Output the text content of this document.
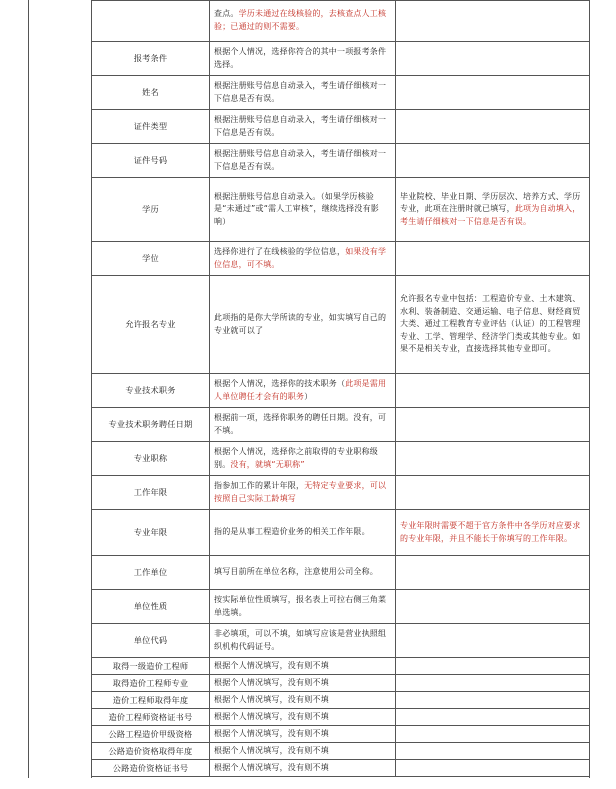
	查点。学历未通过在线核验的，去核查点人工核验；已通过的则不需要。	
报考条件	根据个人情况，选择你符合的其中一项报考条件选择。	
姓名	根据注册账号信息自动录入，考生请仔细核对一下信息是否有误。	
证件类型	根据注册账号信息自动录入，考生请仔细核对一下信息是否有误。	
证件号码	根据注册账号信息自动录入，考生请仔细核对一下信息是否有误。	
学历	根据注册账号信息自动录入。（如果学历核验是“未通过”或“需人工审核”，继续选择没有影响）	毕业院校、毕业日期、学历层次、培养方式、学历专业，此项在注册时就已填写，此项为自动填入，考生请仔细核对一下信息是否有误。
学位	选择你进行了在线核验的学位信息，如果没有学位信息，可不填。	
允许报名专业	此项指的是你大学所读的专业，如实填写自己的专业就可以了	允许报名专业中包括：工程造价专业、土木建筑、水利、装备制造、交通运输、电子信息、财经商贸大类、通过工程教育专业评估（认证）的工程管理专业、工学、管理学、经济学门类或其他专业。如果不是相关专业，直接选择其他专业即可。
专业技术职务	根据个人情况，选择你的技术职务（此项是需用人单位聘任才会有的职务）	
专业技术职务聘任日期	根据前一项，选择你职务的聘任日期。没有，可不填。	
专业职称	根据个人情况，选择你之前取得的专业职称级别。没有，就填“无职称”	
工作年限	指参加工作的累计年限，无特定专业要求，可以按照自己实际工龄填写	
专业年限	指的是从事工程造价业务的相关工作年限。	专业年限时需要不超于官方条件中各学历对应要求的专业年限，并且不能长于你填写的工作年限。
工作单位	填写目前所在单位名称，注意使用公司全称。	
单位性质	按实际单位性质填写，报名表上可拉右侧三角菜单选填。	
单位代码	非必填项，可以不填，如填写应该是营业执照组织机构代码证号。	
取得一级造价工程师	根据个人情况填写，没有则不填	
取得造价工程师专业	根据个人情况填写，没有则不填	
造价工程师取得年度	根据个人情况填写，没有则不填	
造价工程师资格证书号	根据个人情况填写，没有则不填	
公路工程造价甲级资格	根据个人情况填写，没有则不填	
公路造价资格取得年度	根据个人情况填写，没有则不填	
公路造价资格证书号	根据个人情况填写，没有则不填	
